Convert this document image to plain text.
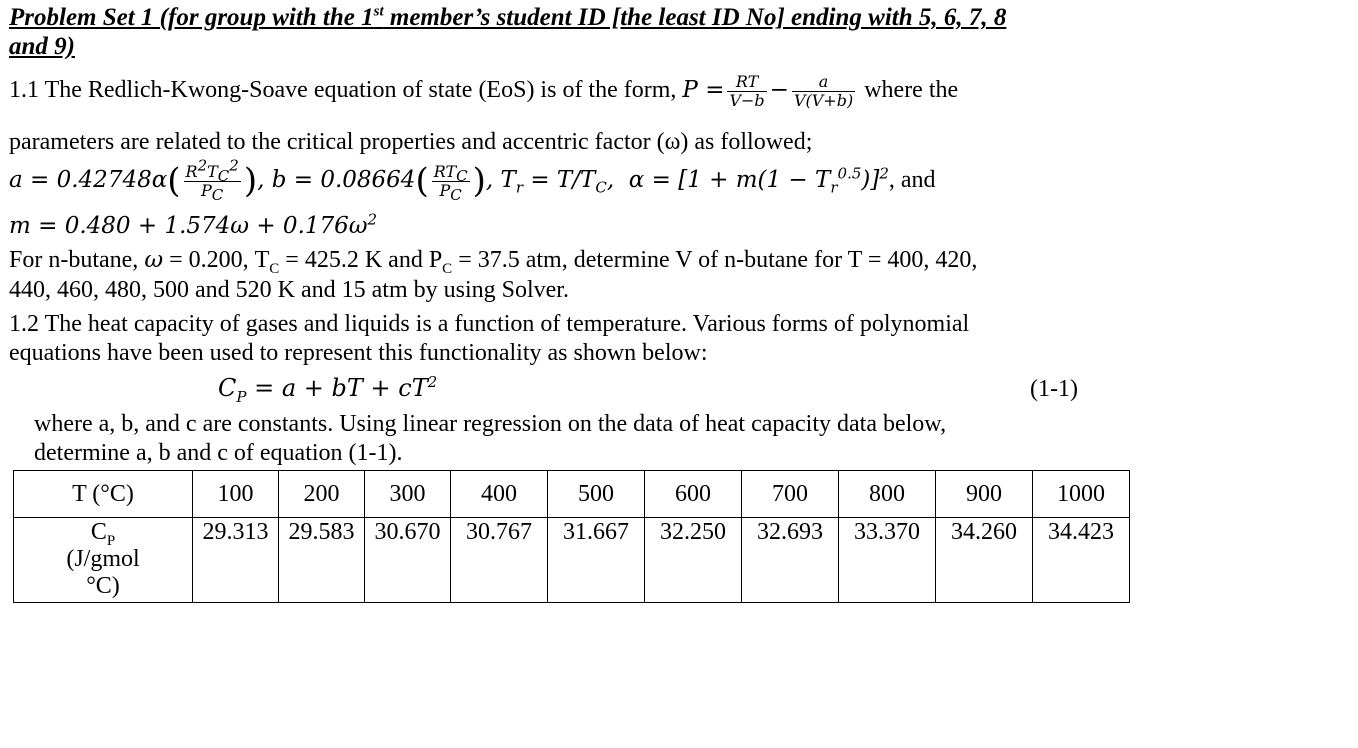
Problem Set 1 (for group with the 1st member’s student ID [the least ID No] ending with 5, 6, 7, 8
and 9)
1.1 The Redlich-Kwong-Soave equation of state (EoS) is of the form, $P = \frac{RT}{V-b} - \frac{a}{V(V+b)}$ where the
parameters are related to the critical properties and accentric factor (ω) as followed;
$a = 0.42748\alpha( \frac{R^2T_C^2}{P_C}$ ), $b = 0.08664( \frac{RT_C}{P_C}$ ), $T_r = T/T_C$,  $\alpha = [1 + m(1 - T_r^{0.5})]^2$, and
$m = 0.480 + 1.574\omega + 0.176\omega^2$
For n-butane, ω = 0.200, $T_C = 425.2$ K and $P_C = 37.5$ atm, determine V of n-butane for T = 400, 420,
440, 460, 480, 500 and 520 K and 15 atm by using Solver.
1.2 The heat capacity of gases and liquids is a function of temperature. Various forms of polynomial
equations have been used to represent this functionality as shown below:
$C_P = a$ + bT + $cT^2$	(1-1)
where a, b, and c are constants. Using linear regression on the data of heat capacity data below,
determine a, b and c of equation (1-1).
T (°C)	100	200	300	400	500	600	700	800	900	1000
$C_P$
(J/gmol
°C)	29.313	29.583	30.670	30.767	31.667	32.250	32.693	33.370	34.260	34.423
